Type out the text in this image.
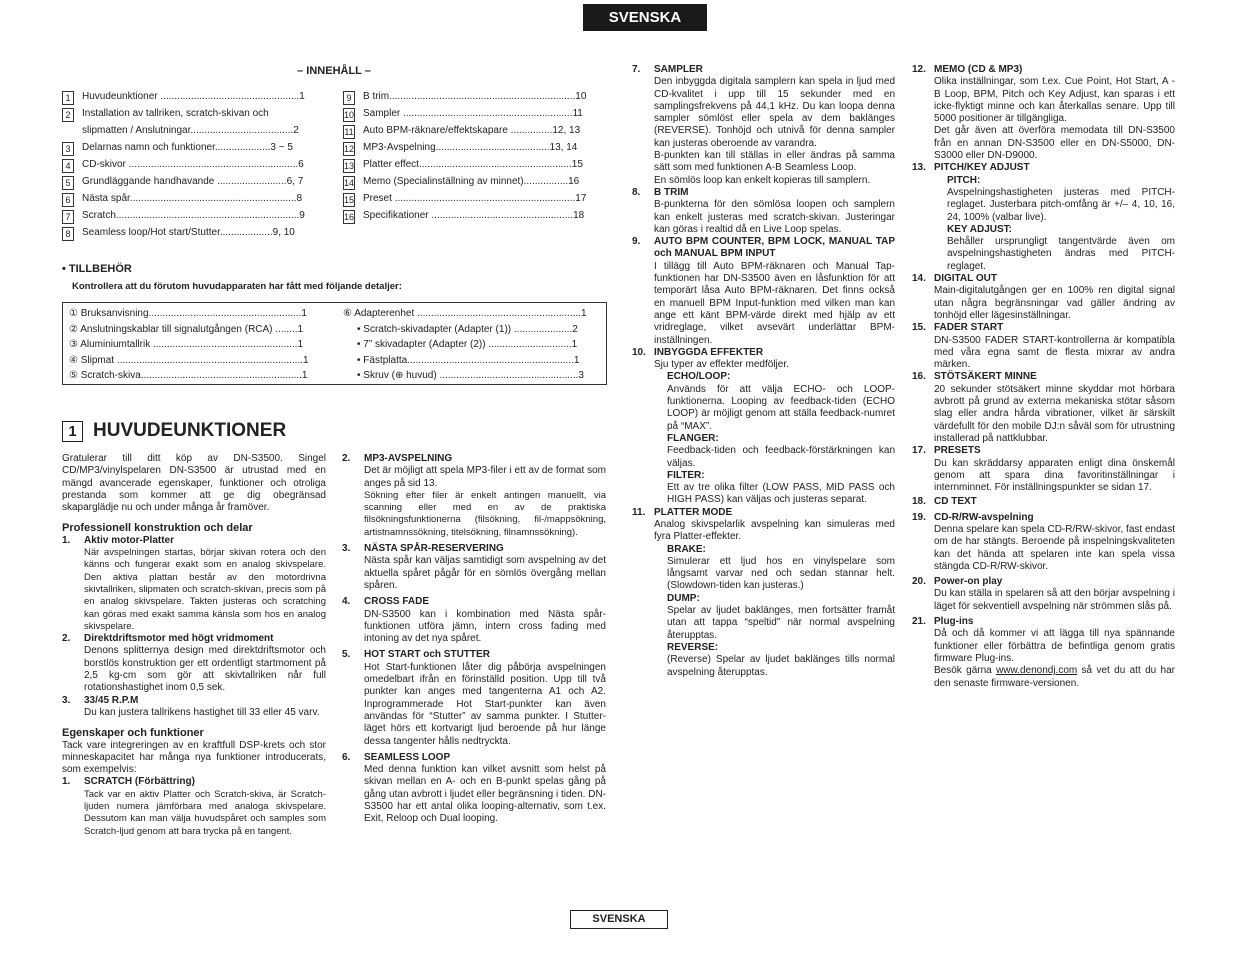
SVENSKA
– INNEHÅLL –
1	Huvudeunktioner ..................................................1
2	Installation av tallriken, scratch-skivan och
slipmatten / Anslutningar.....................................2
3	Delarnas namn och funktioner....................3 ~ 5
4	CD-skivor .............................................................6
5	Grundläggande handhavande .........................6, 7
6	Nästa spår............................................................8
7	Scratch..................................................................9
8	Seamless loop/Hot start/Stutter...................9, 10
9	B trim...................................................................10
10 Sampler .............................................................11
11 Auto BPM-räknare/effektskapare ...............12, 13
12 MP3-Avspelning.........................................13, 14
13 Platter effect.......................................................15
14 Memo (Specialinställning av minnet)................16
15 Preset .................................................................17
16 Specifikationer ...................................................18
• TILLBEHÖR
Kontrollera att du förutom huvudapparaten har fått med följande detaljer:
① Bruksanvisning.......................................................1
② Anslutningskablar till signalutgången (RCA) ........1
③ Aluminiumtallrik ....................................................1
④ Slipmat ...................................................................1
⑤ Scratch-skiva..........................................................1
⑥ Adapterenhet ...........................................................1
• Scratch-skivadapter (Adapter (1)) .....................2
• 7” skivadapter (Adapter (2)) ..............................1
• Fästplatta............................................................1
• Skruv (⊕ huvud) ..................................................3
1 HUVUDEUNKTIONER

Gratulerar till ditt köp av DN-S3500. Singel CD/MP3/vinylspelaren DN-S3500 är utrustad med en mängd avancerade egenskaper, funktioner och otroliga prestanda som kommer att ge dig obegränsad skaparglädje nu och under många år framöver.

Professionell konstruktion och delar

1.	Aktiv motor-Platter

När avspelningen startas, börjar skivan rotera och den känns och fungerar exakt som en analog skivspelare. Den aktiva plattan består av den motordrivna skivtallriken, slipmaten och scratch-skivan, precis som på en analog skivspelare. Takten justeras och scratching kan göras med exakt samma känsla som hos en analog skivspelare.

2.	Direktdriftsmotor med högt vridmoment

Denons splitternya design med direktdriftsmotor och borstlös konstruktion ger ett ordentligt startmoment på 2,5 kg-cm som gör att skivtallriken når full rotationshastighet inom 0,5 sek.

3.	33/45 R.P.M

Du kan justera tallrikens hastighet till 33 eller 45 varv.

Egenskaper och funktioner

Tack vare integreringen av en kraftfull DSP-krets och stor minneskapacitet har många nya funktioner introducerats, som exempelvis:

1.	SCRATCH (Förbättring)

Tack var en aktiv Platter och Scratch-skiva, är Scratch-ljuden numera jämförbara med analoga skivspelare. Dessutom kan man välja huvudspåret och samples som Scratch-ljud genom att bara trycka på en tangent.

2.	MP3-AVSPELNING

Det är möjligt att spela MP3-filer i ett av de format som anges på sid 13.

Sökning efter filer är enkelt antingen manuellt, via scanning eller med en av de praktiska filsökningsfunktionerna (filsökning, fil-/mappsökning, artistnamnssökning, titelsökning, filnamnssökning).

3.	NÄSTA SPÅR-RESERVERING

Nästa spår kan väljas samtidigt som avspelning av det aktuella spåret pågår för en sömlös övergång mellan spåren.

4.	CROSS FADE

DN-S3500 kan i kombination med Nästa spår-funktionen utföra jämn, intern cross fading med intoning av det nya spåret.

5.	HOT START och STUTTER

Hot Start-funktionen låter dig påbörja avspelningen omedelbart ifrån en förinställd position. Upp till två punkter kan anges med tangenterna A1 och A2. Inprogrammerade Hot Start-punkter kan även användas för “Stutter” av samma punkter. I Stutter-läget hörs ett kortvarigt ljud beroende på hur länge dessa tangenter hålls nedtryckta.

6.	SEAMLESS LOOP

Med denna funktion kan vilket avsnitt som helst på skivan mellan en A- och en B-punkt spelas gång på gång utan avbrott i ljudet eller begränsning i tiden. DN-S3500 har ett antal olika looping-alternativ, som t.ex. Exit, Reloop och Dual looping.

7.	SAMPLER

Den inbyggda digitala samplern kan spela in ljud med CD-kvalitet i upp till 15 sekunder med en samplingsfrekvens på 44,1 kHz. Du kan loopa denna sampler sömlöst eller spela av dem baklänges (REVERSE). Tonhöjd och utnivå för denna sampler kan justeras oberoende av varandra.

B-punkten kan till ställas in eller ändras på samma sätt som med funktionen A-B Seamless Loop.

En sömlös loop kan enkelt kopieras till samplern.

8.	B TRIM

B-punkterna för den sömlösa loopen och samplern kan enkelt justeras med scratch-skivan. Justeringar kan göras i realtid då en Live Loop spelas.

9.	AUTO BPM COUNTER, BPM LOCK, MANUAL TAP och MANUAL BPM INPUT

I tillägg till Auto BPM-räknaren och Manual Tap-funktionen har DN-S3500 även en låsfunktion för att temporärt låsa Auto BPM-räknaren. Det finns också en manuell BPM Input-funktion med vilken man kan ange ett känt BPM-värde direkt med hjälp av ett vridreglage, vilket avsevärt underlättar BPM-inställningen.

10. INBYGGDA EFFEKTER

Sju typer av effekter medföljer.

ECHO/LOOP:

Används för att välja ECHO- och LOOP-funktionerna. Looping av feedback-tiden (ECHO LOOP) är möjligt genom att ställa feedback-numret på “MAX”.

FLANGER:

Feedback-tiden och feedback-förstärkningen kan väljas.

FILTER:

Ett av tre olika filter (LOW PASS, MID PASS och HIGH PASS) kan väljas och justeras separat.

11. PLATTER MODE

Analog skivspelarlik avspelning kan simuleras med fyra Platter-effekter.

BRAKE:

Simulerar ett ljud hos en vinylspelare som långsamt varvar ned och sedan stannar helt. (Slowdown-tiden kan justeras.)

DUMP:

Spelar av ljudet baklänges, men fortsätter framåt utan att tappa “speltid” när normal avspelning återupptas.

REVERSE:

(Reverse) Spelar av ljudet baklänges tills normal avspelning återupptas.

12. MEMO (CD & MP3)

Olika inställningar, som t.ex. Cue Point, Hot Start, A - B Loop, BPM, Pitch och Key Adjust, kan sparas i ett icke-flyktigt minne och kan återkallas senare. Upp till 5000 positioner är tillgängliga.

Det går även att överföra memodata till DN-S3500 från en annan DN-S3500 eller en DN-S5000, DN-S3000 eller DN-D9000.

13. PITCH/KEY ADJUST

PITCH:

Avspelningshastigheten justeras med PITCH-reglaget. Justerbara pitch-omfång är +/– 4, 10, 16, 24, 100% (valbar live).

KEY ADJUST:

Behåller ursprungligt tangentvärde även om avspelningshastigheten ändras med PITCH-reglaget.

14. DIGITAL OUT

Main-digitalutgången ger en 100% ren digital signal utan några begränsningar vad gäller ändring av tonhöjd eller lägesinställningar.

15. FADER START

DN-S3500 FADER START-kontrollerna är kompatibla med våra egna samt de flesta mixrar av andra märken.

16. STÖTSÄKERT MINNE

20 sekunder stötsäkert minne skyddar mot hörbara avbrott på grund av externa mekaniska stötar såsom slag eller andra hårda vibrationer, vilket är särskilt värdefullt för den mobile DJ:n såväl som för utrustning installerad på nattklubbar.

17. PRESETS

Du kan skräddarsy apparaten enligt dina önskemål genom att spara dina favoritinställningar i internminnet. För inställningspunkter se sidan 17.

18. CD TEXT
19. CD-R/RW-avspelning

Denna spelare kan spela CD-R/RW-skivor, fast endast om de har stängts. Beroende på inspelningskvaliteten kan det hända att spelaren inte kan spela vissa stängda CD-R/RW-skivor.

20. Power-on play

Du kan ställa in spelaren så att den börjar avspelning i läget för sekventiell avspelning när strömmen slås på.

21. Plug-ins

Då och då kommer vi att lägga till nya spännande funktioner eller förbättra de befintliga genom gratis firmware Plug-ins.

Besök gärna www.denondj.com så vet du att du har den senaste firmware-versionen.

SVENSKA
